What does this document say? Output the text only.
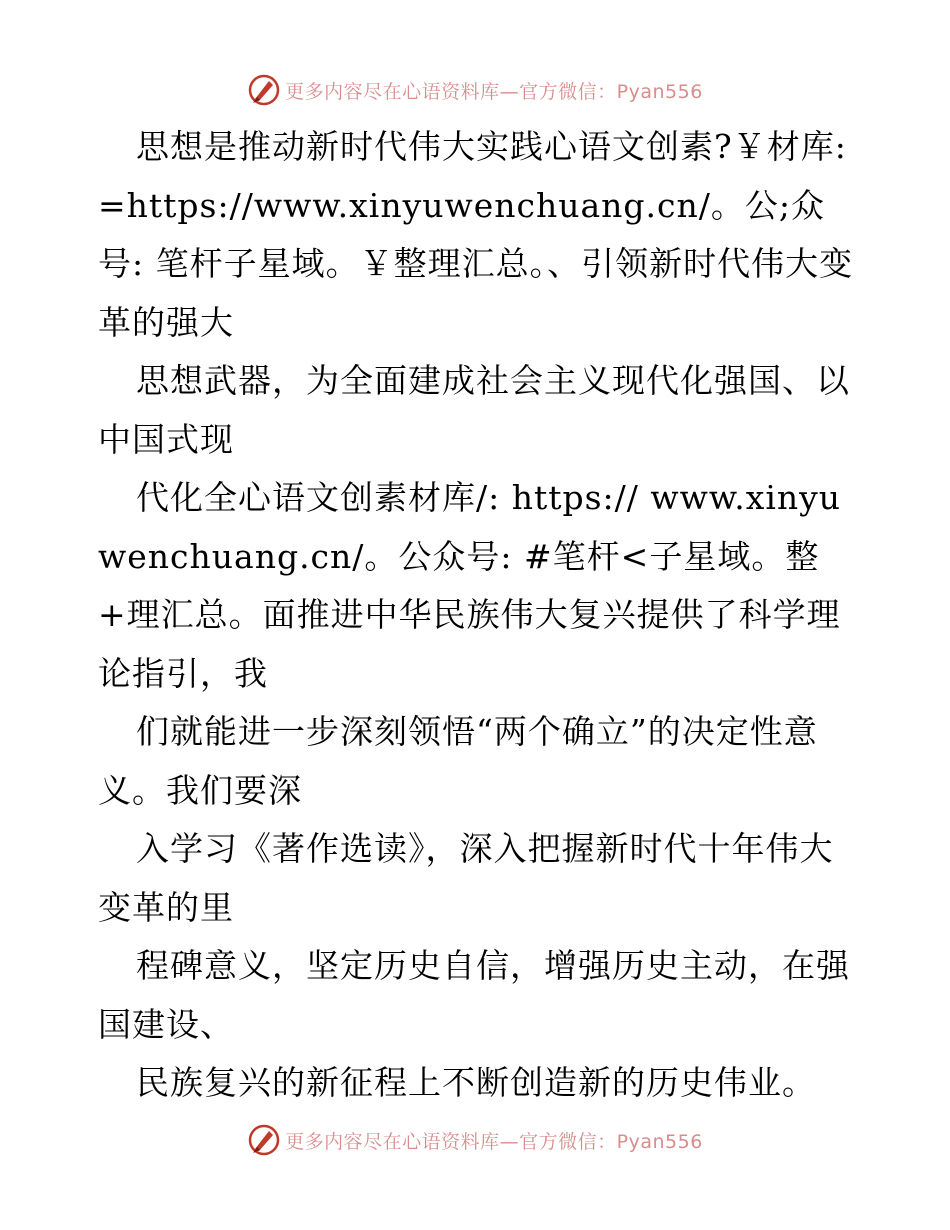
更多内容尽在心语资料库—官方微信：Pyan556

思想是推动新时代伟大实践心语文创素?￥材库: =https://www.xinyuwenchuang.cn/。公;众号: 笔杆子星域。￥整理汇总。、引领新时代伟大变革的强大

思想武器，为全面建成社会主义现代化强国、以中国式现

代化全心语文创素材库/: https:// www.xinyuwenchuang.cn/。公众号: #笔杆<子星域。整+理汇总。面推进中华民族伟大复兴提供了科学理论指引，我

们就能进一步深刻领悟“两个确立”的决定性意义。我们要深

入学习《著作选读》，深入把握新时代十年伟大变革的里

程碑意义，坚定历史自信，增强历史主动，在强国建设、

民族复兴的新征程上不断创造新的历史伟业。

更多内容尽在心语资料库—官方微信：Pyan556
